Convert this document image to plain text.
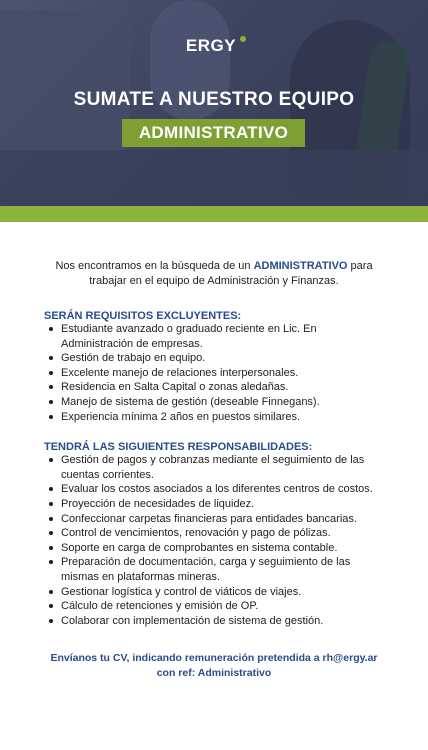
ERGY
SUMATE A NUESTRO EQUIPO
ADMINISTRATIVO

Nos encontramos en la búsqueda de un ADMINISTRATIVO para trabajar en el equipo de Administración y Finanzas.

SERÁN REQUISITOS EXCLUYENTES:

Estudiante avanzado o graduado reciente en Lic. En Administración de empresas.
Gestión de trabajo en equipo.
Excelente manejo de relaciones interpersonales.
Residencia en Salta Capital o zonas aledañas.
Manejo de sistema de gestión (deseable Finnegans).
Experiencia mínima 2 años en puestos similares.

TENDRÁ LAS SIGUIENTES RESPONSABILIDADES:

Gestión de pagos y cobranzas mediante el seguimiento de las cuentas corrientes.
Evaluar los costos asociados a los diferentes centros de costos.
Proyección de necesidades de liquidez.
Confeccionar carpetas financieras para entidades bancarias.
Control de vencimientos, renovación y pago de pólizas.
Soporte en carga de comprobantes en sistema contable.
Preparación de documentación, carga y seguimiento de las mismas en plataformas mineras.
Gestionar logística y control de viáticos de viajes.
Cálculo de retenciones y emisión de OP.
Colaborar con implementación de sistema de gestión.
Envíanos tu CV, indicando remuneración pretendida a rh@ergy.ar
con ref: Administrativo
